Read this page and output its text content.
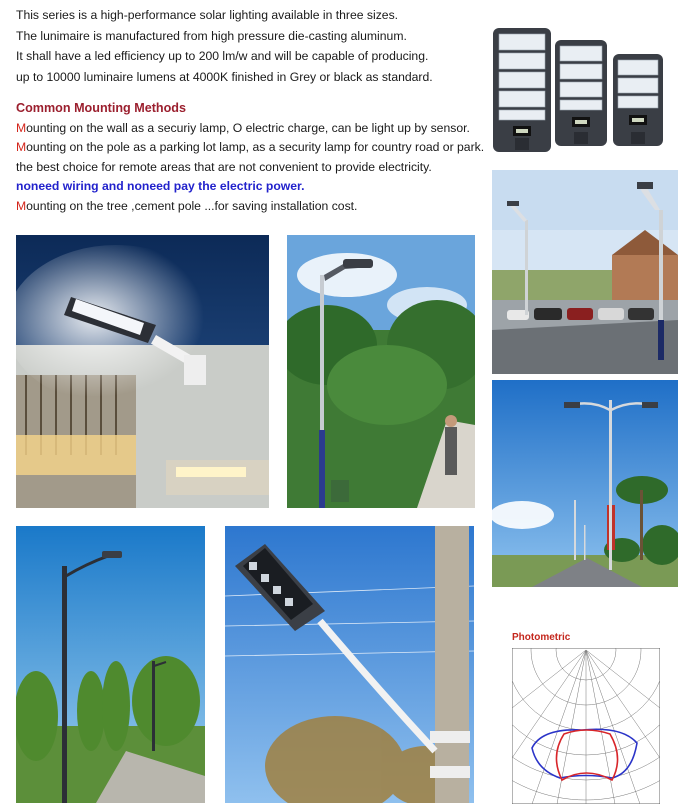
This series is a high-performance solar lighting available in three sizes.

The lunimaire is manufactured from high pressure die-casting aluminum.

It shall have a led efficiency up to 200 lm/w and will be capable of producing.

up to 10000 luminaire lumens at 4000K finished in Grey or black as standard.

Common Mounting Methods

Mounting on the wall as a securiy lamp, O electric charge, can be light up by sensor.

Mounting on the pole as a parking lot lamp, as a security lamp for country road or park.

the best choice for remote areas that are not convenient to provide electricity.

noneed wiring and noneed pay the electric power.

Mounting on the tree ,cement pole ...for saving installation cost.

Photometric
